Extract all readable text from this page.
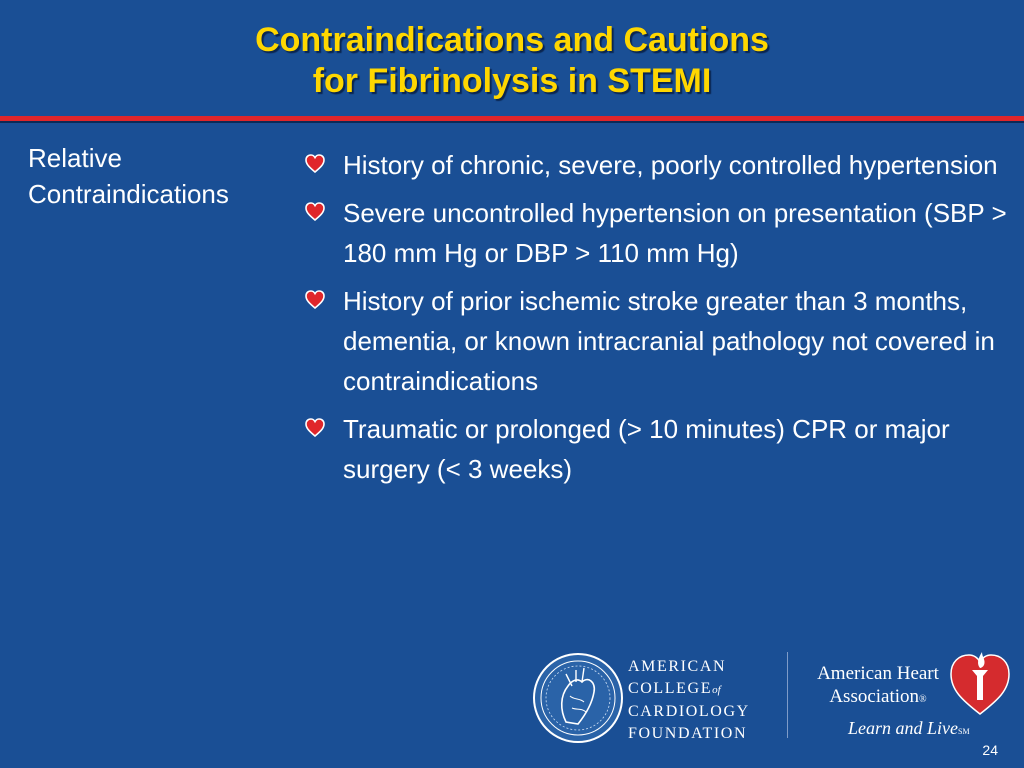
Contraindications and Cautions
for Fibrinolysis in STEMI
Relative
Contraindications
History of chronic, severe, poorly controlled hypertension
Severe uncontrolled hypertension on presentation (SBP > 180 mm Hg or DBP > 110 mm Hg)
History of prior ischemic stroke greater than 3 months, dementia, or known intracranial pathology not covered in contraindications
Traumatic or prolonged (> 10 minutes) CPR or major surgery (< 3 weeks)
AMERICAN
COLLEGEof
CARDIOLOGY
FOUNDATION
American Heart
Association®
Learn and LiveSM
24
